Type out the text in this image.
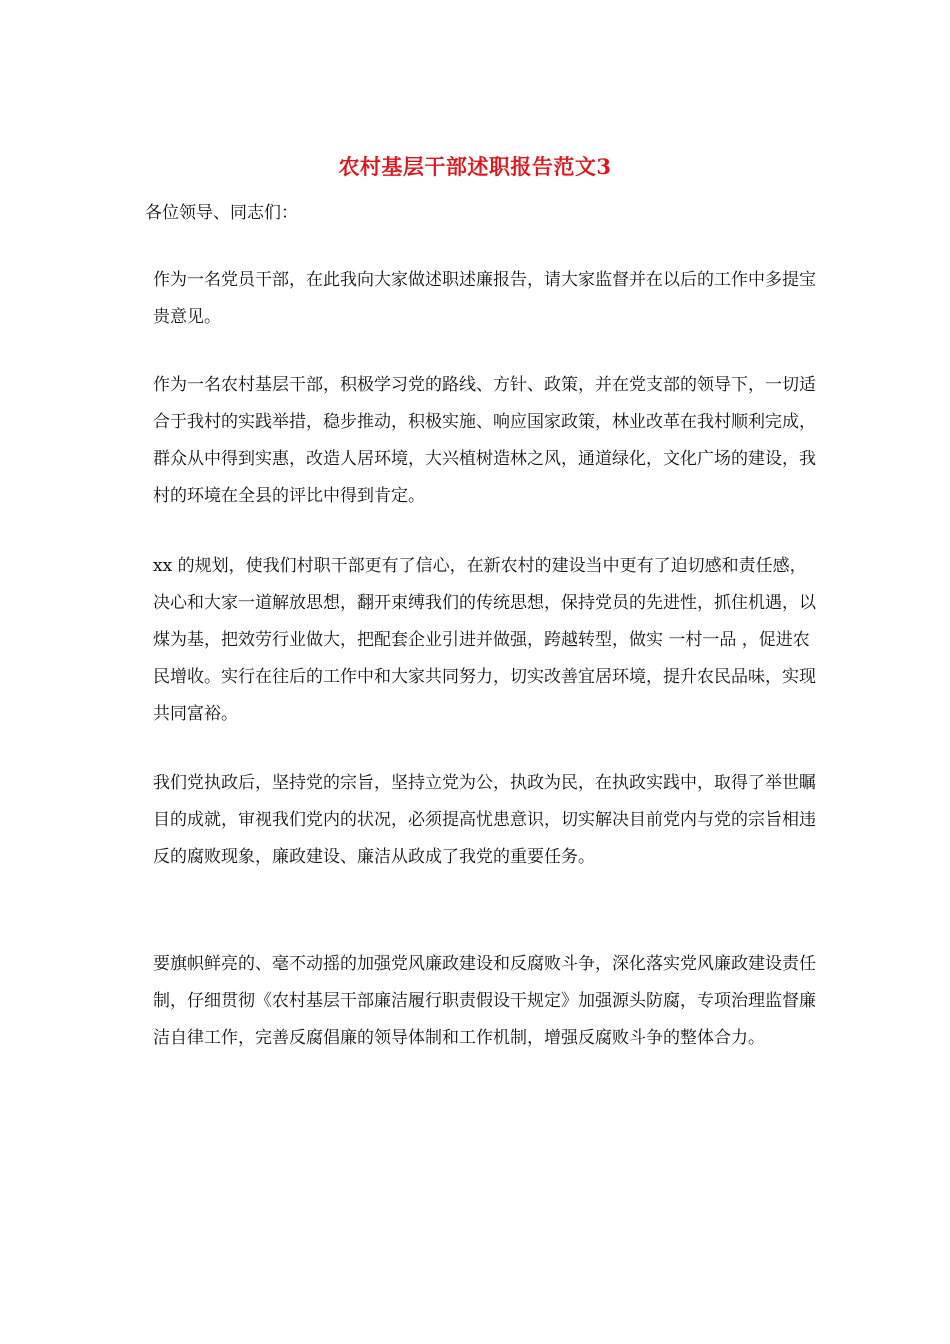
农村基层干部述职报告范文3

各位领导、同志们：

作为一名党员干部，在此我向大家做述职述廉报告，请大家监督并在以后的工作中多提宝贵意见。

作为一名农村基层干部，积极学习党的路线、方针、政策，并在党支部的领导下，一切适合于我村的实践举措，稳步推动，积极实施、响应国家政策，林业改革在我村顺利完成，群众从中得到实惠，改造人居环境，大兴植树造林之风，通道绿化，文化广场的建设，我村的环境在全县的评比中得到肯定。

xx 的规划，使我们村职干部更有了信心，在新农村的建设当中更有了迫切感和责任感，决心和大家一道解放思想，翻开束缚我们的传统思想，保持党员的先进性，抓住机遇，以煤为基，把效劳行业做大，把配套企业引进并做强，跨越转型，做实 一村一品 ，促进农民增收。实行在往后的工作中和大家共同努力，切实改善宜居环境，提升农民品味，实现共同富裕。

我们党执政后，坚持党的宗旨，坚持立党为公，执政为民，在执政实践中，取得了举世瞩目的成就，审视我们党内的状况，必须提高忧患意识，切实解决目前党内与党的宗旨相违反的腐败现象，廉政建设、廉洁从政成了我党的重要任务。

要旗帜鲜亮的、毫不动摇的加强党风廉政建设和反腐败斗争，深化落实党风廉政建设责任制，仔细贯彻《农村基层干部廉洁履行职责假设干规定》加强源头防腐，专项治理监督廉洁自律工作，完善反腐倡廉的领导体制和工作机制，增强反腐败斗争的整体合力。
